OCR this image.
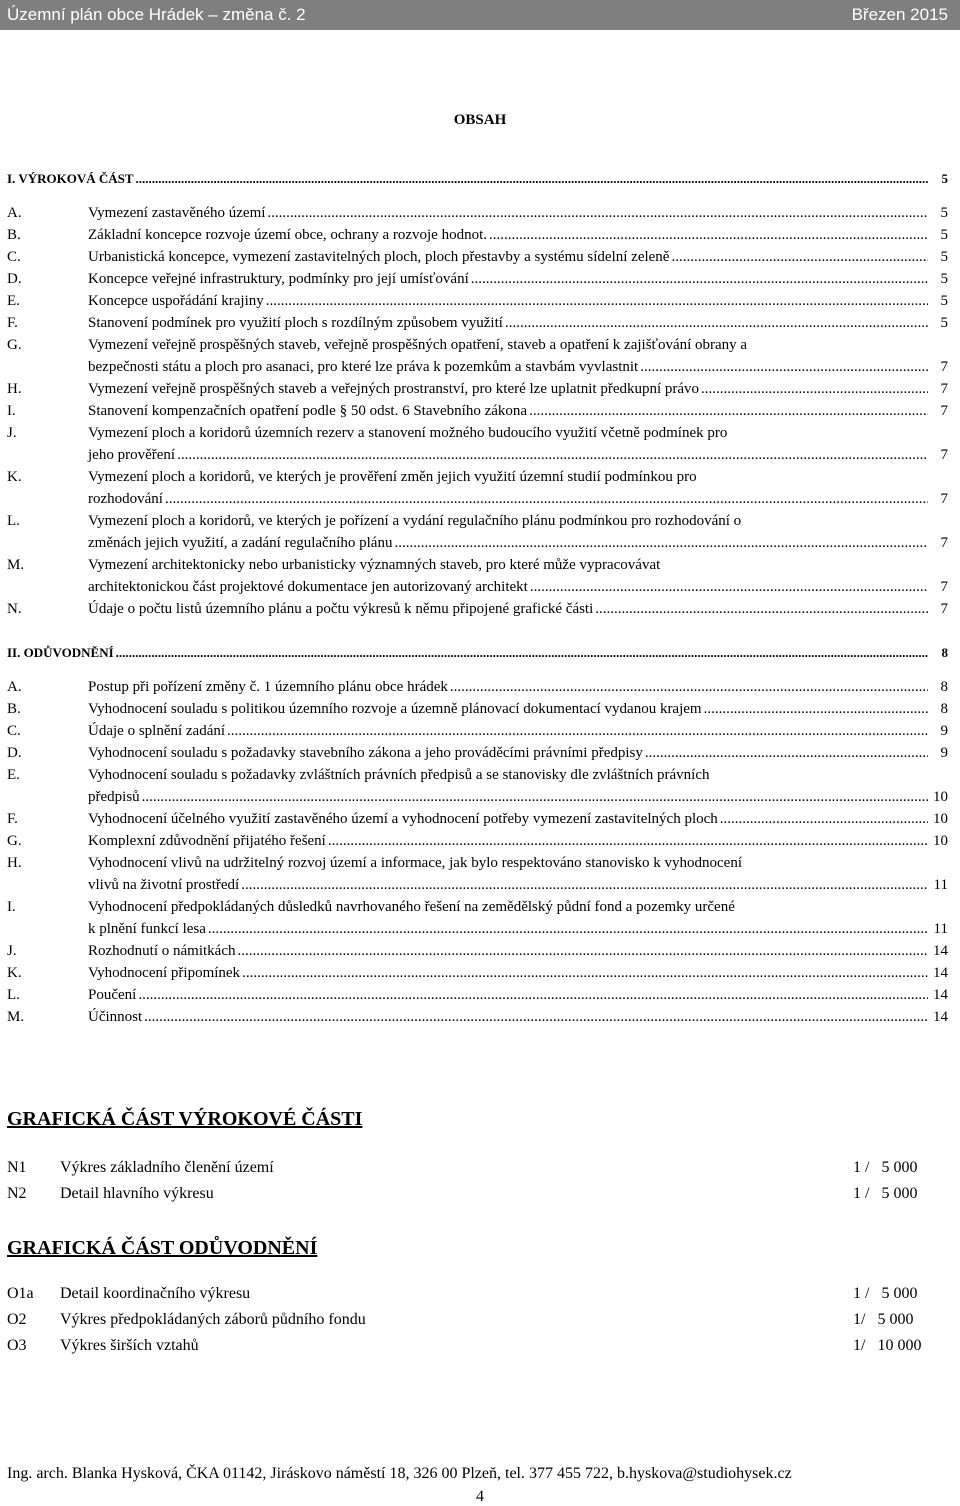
Územní plán obce Hrádek – změna č. 2	Březen 2015
OBSAH
I. VÝROKOVÁ ČÁST .....	5
A.	Vymezení zastavěného území .....	5
B.	Základní koncepce rozvoje území obce, ochrany a rozvoje hodnot. .....	5
C.	Urbanistická koncepce, vymezení zastavitelných ploch, ploch přestavby a systému sídelní zeleně .....	5
D.	Koncepce veřejné infrastruktury, podmínky pro její umísťování .....	5
E.	Koncepce uspořádání krajiny .....	5
F.	Stanovení podmínek pro využití ploch s rozdílným způsobem využití .....	5
G.	Vymezení veřejně prospěšných staveb, veřejně prospěšných opatření, staveb a opatření k zajišťování obrany a
bezpečnosti státu a ploch pro asanaci, pro které lze práva k pozemkům a stavbám vyvlastnit .....	7
H.	Vymezení veřejně prospěšných staveb a veřejných prostranství, pro které lze uplatnit předkupní právo .....	7
I.	Stanovení kompenzačních opatření podle § 50 odst. 6 Stavebního zákona .....	7
J.	Vymezení ploch a koridorů územních rezerv a stanovení možného budoucího využití včetně podmínek pro
jeho prověření .....	7
K.	Vymezení ploch a koridorů, ve kterých je prověření změn jejich využití územní studií podmínkou pro
rozhodování .....	7
L.	Vymezení ploch a koridorů, ve kterých je pořízení a vydání regulačního plánu podmínkou pro rozhodování o
změnách jejich využití, a zadání regulačního plánu .....	7
M.	Vymezení architektonicky nebo urbanisticky významných staveb, pro které může vypracovávat
architektonickou část projektové dokumentace jen autorizovaný architekt .....	7
N.	Údaje o počtu listů územního plánu a počtu výkresů k němu připojené grafické části .....	7
II. ODŮVODNĚNÍ .....	8
A.	Postup při pořízení změny č. 1 územního plánu obce hrádek .....	8
B.	Vyhodnocení souladu s politikou územního rozvoje a územně plánovací dokumentací vydanou krajem .....	8
C.	Údaje o splnění zadání .....	9
D.	Vyhodnocení souladu s požadavky stavebního zákona a jeho prováděcími právními předpisy .....	9
E.	Vyhodnocení souladu s požadavky zvláštních právních předpisů a se stanovisky dle zvláštních právních
předpisů .....	10
F.	Vyhodnocení účelného využití zastavěného území a vyhodnocení potřeby vymezení zastavitelných ploch .....	10
G.	Komplexní zdůvodnění přijatého řešení .....	10
H.	Vyhodnocení vlivů na udržitelný rozvoj území a informace, jak bylo respektováno stanovisko k vyhodnocení
vlivů na životní prostředí .....	11
I.	Vyhodnocení předpokládaných důsledků navrhovaného řešení na zemědělský půdní fond a pozemky určené
k plnění funkcí lesa .....	11
J.	Rozhodnutí o námitkách .....	14
K.	Vyhodnocení připomínek .....	14
L.	Poučení .....	14
M.	Účinnost .....	14
GRAFICKÁ ČÁST VÝROKOVÉ ČÁSTI
N1 Výkres základního členění území	1 /   5 000
N2 Detail hlavního výkresu	1 /   5 000
GRAFICKÁ ČÁST ODŮVODNĚNÍ
O1a Detail koordinačního výkresu	1 /   5 000
O2 Výkres předpokládaných záborů půdního fondu	1/   5 000
O3 Výkres širších vztahů	1/   10 000
Ing. arch. Blanka Hysková, ČKA 01142, Jiráskovo náměstí 18, 326 00 Plzeň, tel. 377 455 722, b.hyskova@studiohysek.cz
4
